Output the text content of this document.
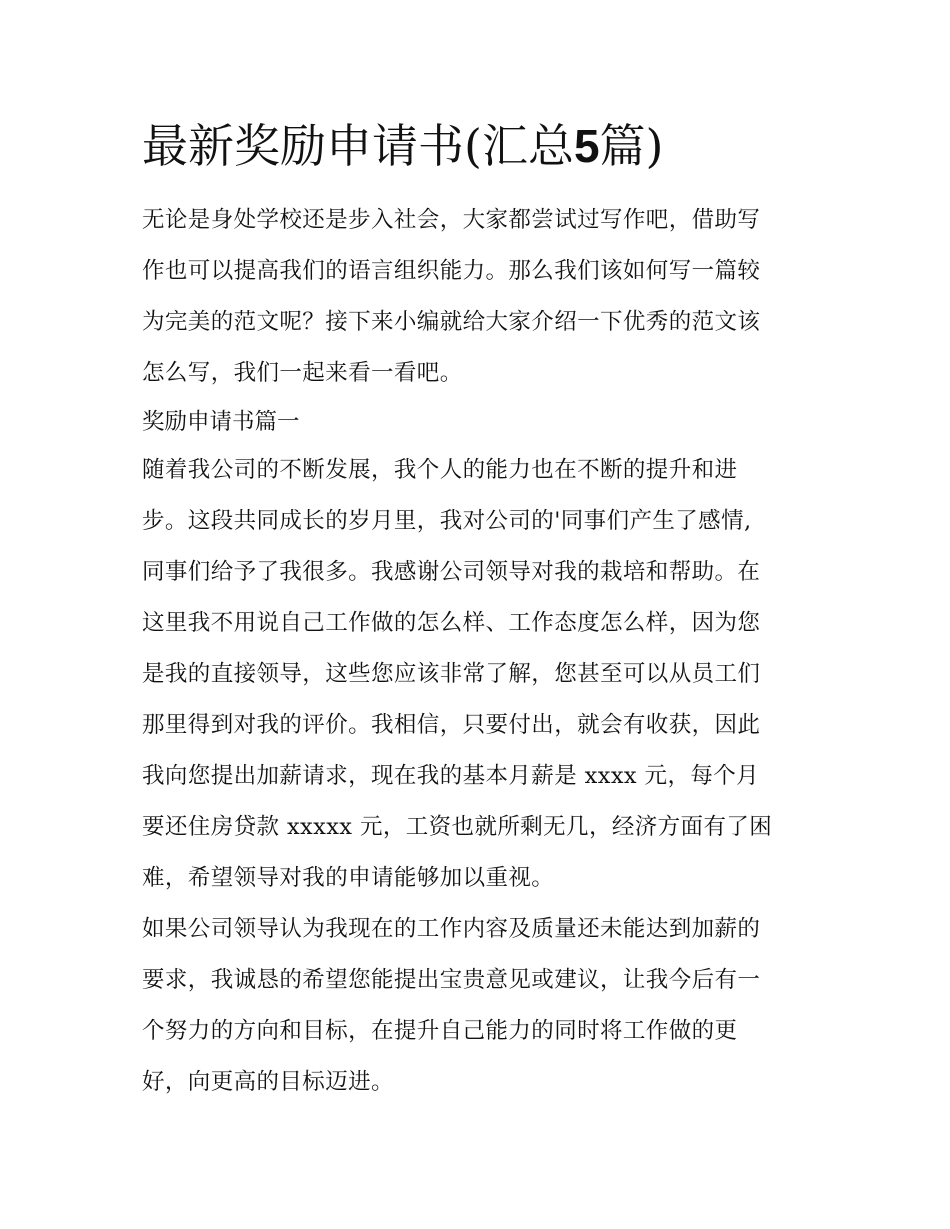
最新奖励申请书(汇总5篇)

无论是身处学校还是步入社会，大家都尝试过写作吧，借助写
作也可以提高我们的语言组织能力。那么我们该如何写一篇较
为完美的范文呢？接下来小编就给大家介绍一下优秀的范文该
怎么写，我们一起来看一看吧。

奖励申请书篇一

随着我公司的不断发展，我个人的能力也在不断的提升和进
步。这段共同成长的岁月里，我对公司的'同事们产生了感情,
同事们给予了我很多。我感谢公司领导对我的栽培和帮助。在
这里我不用说自己工作做的怎么样、工作态度怎么样，因为您
是我的直接领导，这些您应该非常了解，您甚至可以从员工们
那里得到对我的评价。我相信，只要付出，就会有收获，因此
我向您提出加薪请求，现在我的基本月薪是 xxxx 元，每个月
要还住房贷款 xxxxx 元，工资也就所剩无几，经济方面有了困
难，希望领导对我的申请能够加以重视。

如果公司领导认为我现在的工作内容及质量还未能达到加薪的
要求，我诚恳的希望您能提出宝贵意见或建议，让我今后有一
个努力的方向和目标，在提升自己能力的同时将工作做的更
好，向更高的目标迈进。
